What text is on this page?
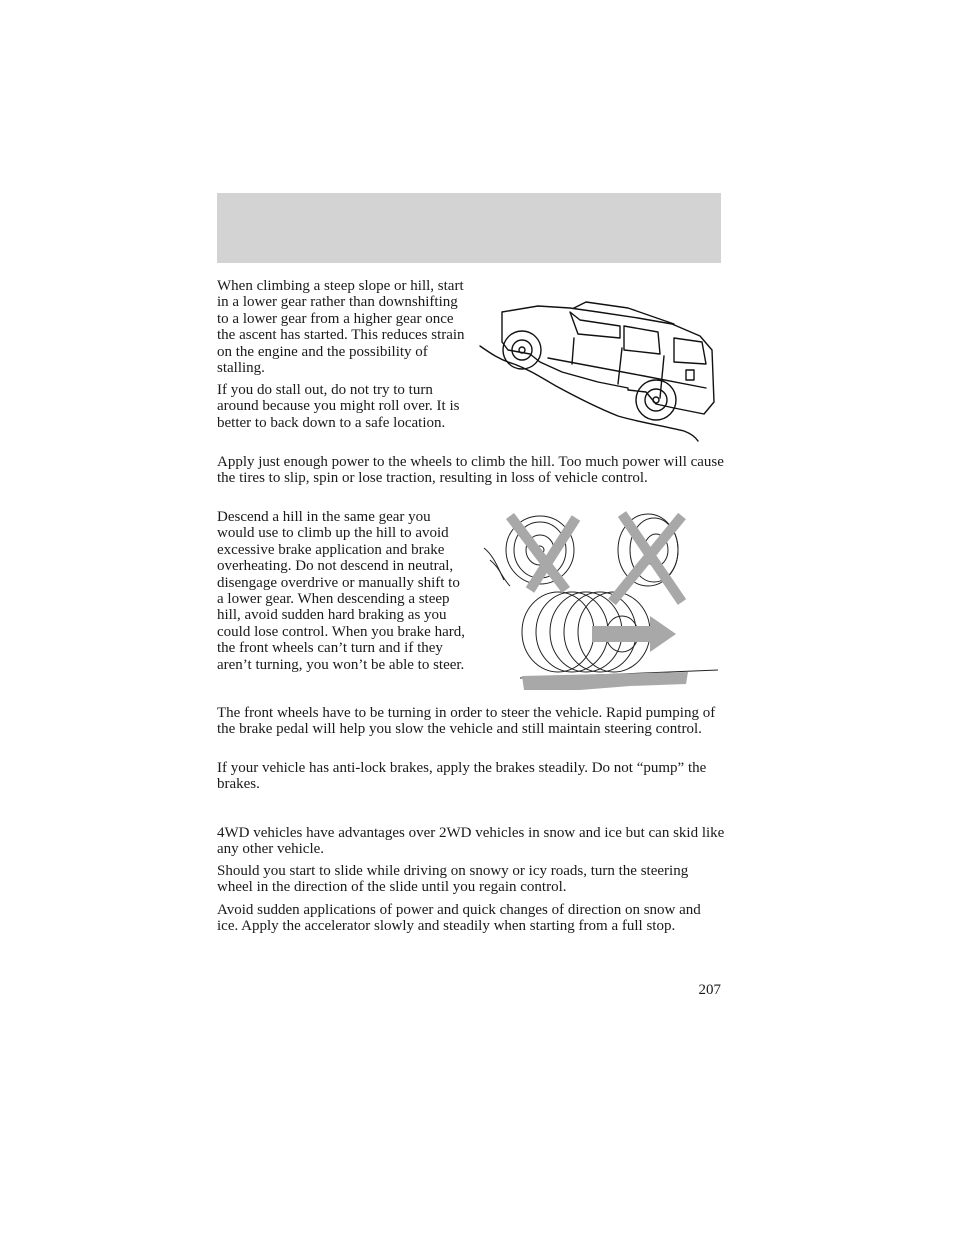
When climbing a steep slope or hill, start in a lower gear rather than downshifting to a lower gear from a higher gear once the ascent has started. This reduces strain on the engine and the possibility of stalling.

If you do stall out, do not try to turn around because you might roll over. It is better to back down to a safe location.

Apply just enough power to the wheels to climb the hill. Too much power will cause the tires to slip, spin or lose traction, resulting in loss of vehicle control.

Descend a hill in the same gear you would use to climb up the hill to avoid excessive brake application and brake overheating. Do not descend in neutral, disengage overdrive or manually shift to a lower gear. When descending a steep hill, avoid sudden hard braking as you could lose control. When you brake hard, the front wheels can’t turn and if they aren’t turning, you won’t be able to steer.

The front wheels have to be turning in order to steer the vehicle. Rapid pumping of the brake pedal will help you slow the vehicle and still maintain steering control.

If your vehicle has anti-lock brakes, apply the brakes steadily. Do not “pump” the brakes.

4WD vehicles have advantages over 2WD vehicles in snow and ice but can skid like any other vehicle.

Should you start to slide while driving on snowy or icy roads, turn the steering wheel in the direction of the slide until you regain control.

Avoid sudden applications of power and quick changes of direction on snow and ice. Apply the accelerator slowly and steadily when starting from a full stop.

207
